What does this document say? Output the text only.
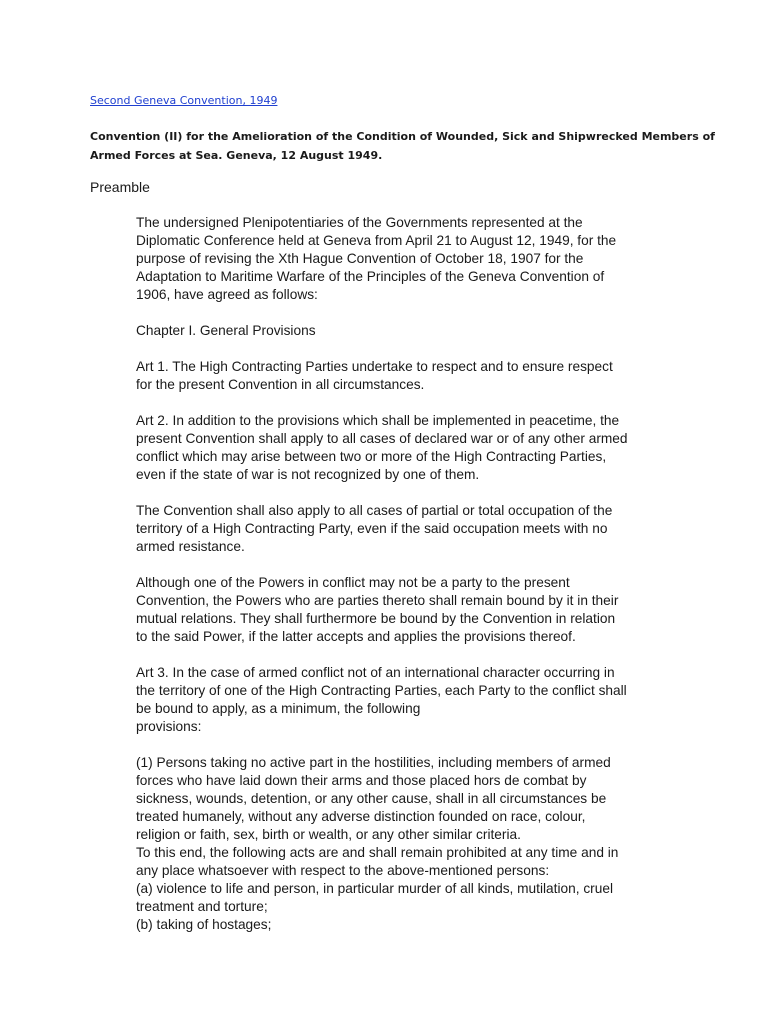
Second Geneva Convention, 1949
Convention (II) for the Amelioration of the Condition of Wounded, Sick and Shipwrecked Members of
Armed Forces at Sea. Geneva, 12 August 1949.
Preamble
The undersigned Plenipotentiaries of the Governments represented at the
Diplomatic Conference held at Geneva from April 21 to August 12, 1949, for the
purpose of revising the Xth Hague Convention of October 18, 1907 for the
Adaptation to Maritime Warfare of the Principles of the Geneva Convention of
1906, have agreed as follows:
Chapter I. General Provisions
Art 1. The High Contracting Parties undertake to respect and to ensure respect
for the present Convention in all circumstances.
Art 2. In addition to the provisions which shall be implemented in peacetime, the
present Convention shall apply to all cases of declared war or of any other armed
conflict which may arise between two or more of the High Contracting Parties,
even if the state of war is not recognized by one of them.
The Convention shall also apply to all cases of partial or total occupation of the
territory of a High Contracting Party, even if the said occupation meets with no
armed resistance.
Although one of the Powers in conflict may not be a party to the present
Convention, the Powers who are parties thereto shall remain bound by it in their
mutual relations. They shall furthermore be bound by the Convention in relation
to the said Power, if the latter accepts and applies the provisions thereof.
Art 3. In the case of armed conflict not of an international character occurring in
the territory of one of the High Contracting Parties, each Party to the conflict shall
be bound to apply, as a minimum, the following
provisions:
(1) Persons taking no active part in the hostilities, including members of armed
forces who have laid down their arms and those placed hors de combat by
sickness, wounds, detention, or any other cause, shall in all circumstances be
treated humanely, without any adverse distinction founded on race, colour,
religion or faith, sex, birth or wealth, or any other similar criteria.
To this end, the following acts are and shall remain prohibited at any time and in
any place whatsoever with respect to the above-mentioned persons:
(a) violence to life and person, in particular murder of all kinds, mutilation, cruel
treatment and torture;
(b) taking of hostages;
